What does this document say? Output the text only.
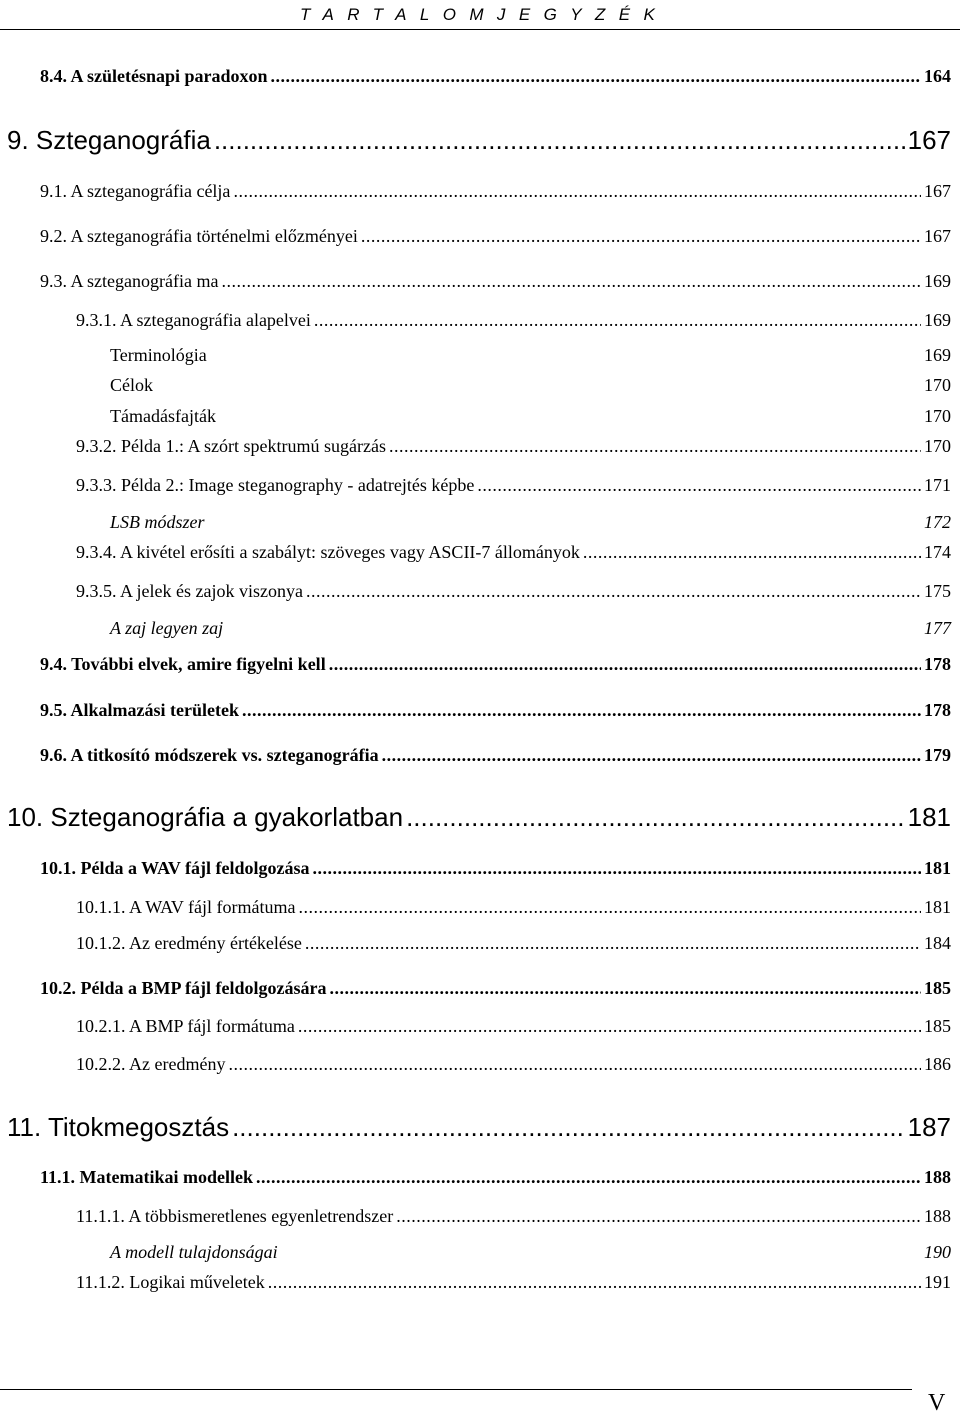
TARTALOMJEGYZÉK
8.4. A születésnapi paradoxon .....	164
9. Szteganográfia .....	167
9.1. A szteganográfia célja .....	167
9.2. A szteganográfia történelmi előzményei .....	167
9.3. A szteganográfia ma .....	169
9.3.1. A szteganográfia alapelvei .....	169
Terminológia	169
Célok	170
Támadásfajták	170
9.3.2. Példa 1.: A szórt spektrumú sugárzás .....	170
9.3.3. Példa 2.: Image steganography - adatrejtés képbe .....	171
LSB módszer	172
9.3.4. A kivétel erősíti a szabályt: szöveges vagy ASCII-7 állományok .....	174
9.3.5. A jelek és zajok viszonya .....	175
A zaj legyen zaj	177
9.4. További elvek, amire figyelni kell .....	178
9.5. Alkalmazási területek .....	178
9.6. A titkosító módszerek vs. szteganográfia .....	179
10. Szteganográfia a gyakorlatban .....	181
10.1. Példa a WAV fájl feldolgozása .....	181
10.1.1. A WAV fájl formátuma .....	181
10.1.2. Az eredmény értékelése .....	184
10.2. Példa a BMP fájl feldolgozására .....	185
10.2.1. A BMP fájl formátuma .....	185
10.2.2. Az eredmény .....	186
11. Titokmegosztás .....	187
11.1. Matematikai modellek .....	188
11.1.1. A többismeretlenes egyenletrendszer .....	188
A modell tulajdonságai	190
11.1.2. Logikai műveletek .....	191
V
